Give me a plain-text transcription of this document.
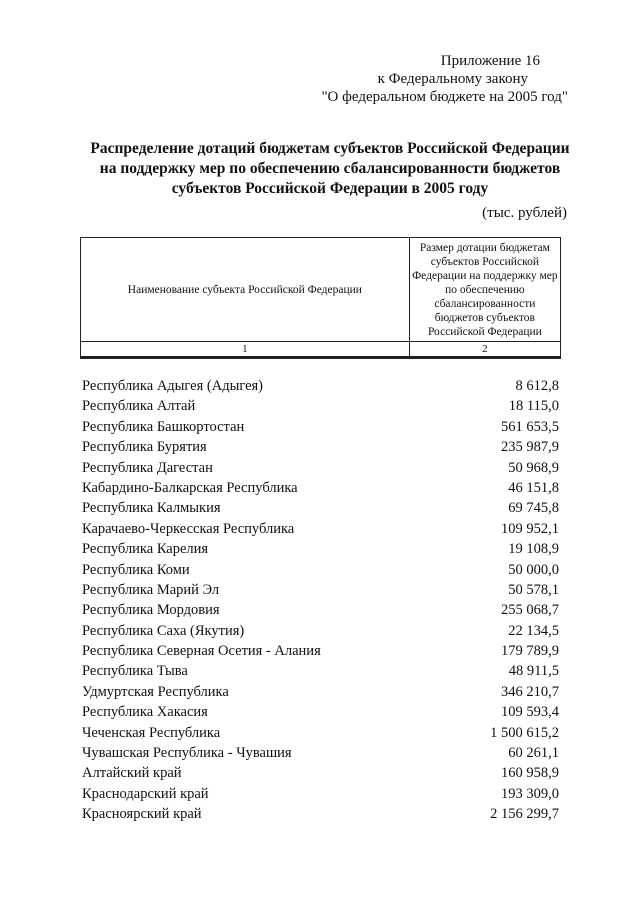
Приложение 16
к Федеральному закону
"О федеральном бюджете на 2005 год"
Распределение дотаций бюджетам субъектов Российской Федерации
на поддержку мер по обеспечению сбалансированности бюджетов
субъектов Российской Федерации в 2005 году
(тыс. рублей)
Наименование субъекта Российской Федерации	Размер дотации бюджетам субъектов Российской Федерации на поддержку мер по обеспечению сбалансированности бюджетов субъектов Российской Федерации
1	2

Республика Адыгея (Адыгея)	8 612,8
Республика Алтай	18 115,0
Республика Башкортостан	561 653,5
Республика Бурятия	235 987,9
Республика Дагестан	50 968,9
Кабардино-Балкарская Республика	46 151,8
Республика Калмыкия	69 745,8
Карачаево-Черкесская Республика	109 952,1
Республика Карелия	19 108,9
Республика Коми	50 000,0
Республика Марий Эл	50 578,1
Республика Мордовия	255 068,7
Республика Саха (Якутия)	22 134,5
Республика Северная Осетия - Алания	179 789,9
Республика Тыва	48 911,5
Удмуртская Республика	346 210,7
Республика Хакасия	109 593,4
Чеченская Республика	1 500 615,2
Чувашская Республика - Чувашия	60 261,1
Алтайский край	160 958,9
Краснодарский край	193 309,0
Красноярский край	2 156 299,7
